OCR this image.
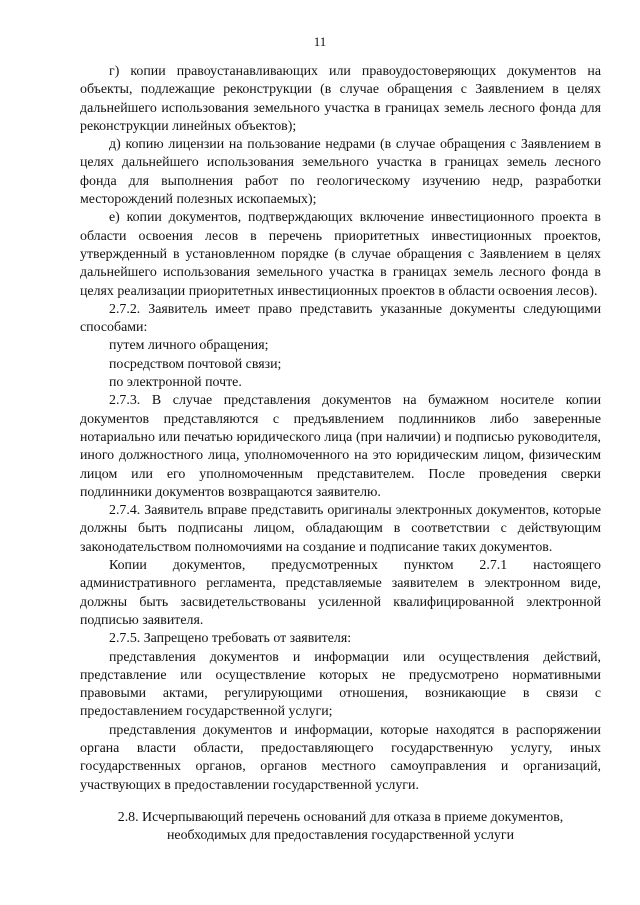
11

г) копии правоустанавливающих или правоудостоверяющих документов на объекты, подлежащие реконструкции (в случае обращения с Заявлением в целях дальнейшего использования земельного участка в границах земель лесного фонда для реконструкции линейных объектов);

д) копию лицензии на пользование недрами (в случае обращения с Заявлением в целях дальнейшего использования земельного участка в границах земель лесного фонда для выполнения работ по геологическому изучению недр, разработки месторождений полезных ископаемых);

е) копии документов, подтверждающих включение инвестиционного проекта в области освоения лесов в перечень приоритетных инвестиционных проектов, утвержденный в установленном порядке (в случае обращения с Заявлением в целях дальнейшего использования земельного участка в границах земель лесного фонда в целях реализации приоритетных инвестиционных проектов в области освоения лесов).

2.7.2. Заявитель имеет право представить указанные документы следующими способами:

путем личного обращения;

посредством почтовой связи;

по электронной почте.

2.7.3. В случае представления документов на бумажном носителе копии документов представляются с предъявлением подлинников либо заверенные нотариально или печатью юридического лица (при наличии) и подписью руководителя, иного должностного лица, уполномоченного на это юридическим лицом, физическим лицом или его уполномоченным представителем. После проведения сверки подлинники документов возвращаются заявителю.

2.7.4. Заявитель вправе представить оригиналы электронных документов, которые должны быть подписаны лицом, обладающим в соответствии с действующим законодательством полномочиями на создание и подписание таких документов.

Копии документов, предусмотренных пунктом 2.7.1 настоящего административного регламента, представляемые заявителем в электронном виде, должны быть засвидетельствованы усиленной квалифицированной электронной подписью заявителя.

2.7.5. Запрещено требовать от заявителя:

представления документов и информации или осуществления действий, представление или осуществление которых не предусмотрено нормативными правовыми актами, регулирующими отношения, возникающие в связи с предоставлением государственной услуги;

представления документов и информации, которые находятся в распоряжении органа власти области, предоставляющего государственную услугу, иных государственных органов, органов местного самоуправления и организаций, участвующих в предоставлении государственной услуги.

2.8. Исчерпывающий перечень оснований для отказа в приеме документов,
необходимых для предоставления государственной услуги
